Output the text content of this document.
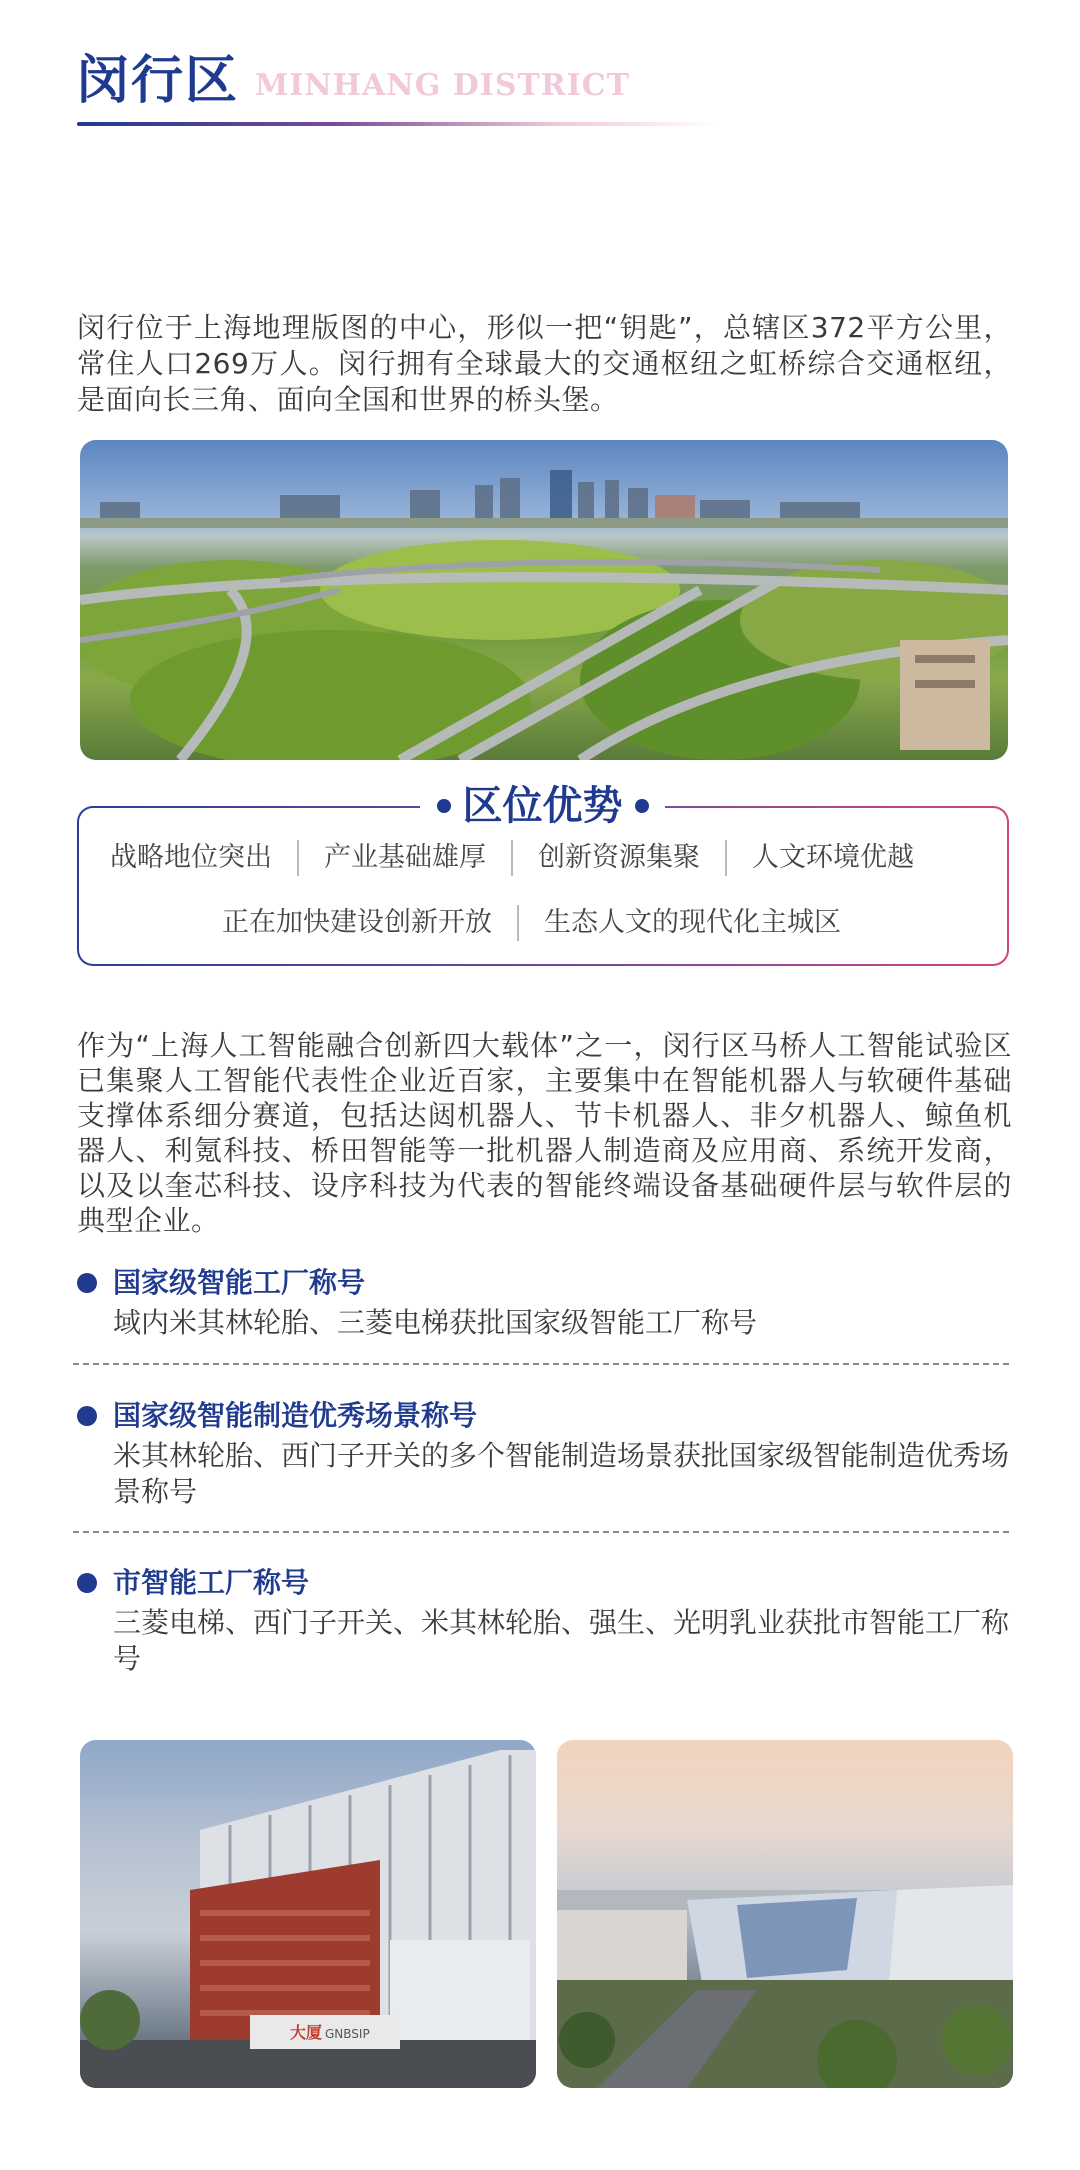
闵行区 MINHANG DISTRICT

闵行位于上海地理版图的中心，形似一把“钥匙”，总辖区372平方公里，常住人口269万人。闵行拥有全球最大的交通枢纽之虹桥综合交通枢纽，是面向长三角、面向全国和世界的桥头堡。

区位优势
战略地位突出 产业基础雄厚 创新资源集聚 人文环境优越
正在加快建设创新开放 生态人文的现代化主城区

作为“上海人工智能融合创新四大载体”之一，闵行区马桥人工智能试验区已集聚人工智能代表性企业近百家，主要集中在智能机器人与软硬件基础支撑体系细分赛道，包括达闼机器人、节卡机器人、非夕机器人、鲸鱼机器人、利氪科技、桥田智能等一批机器人制造商及应用商、系统开发商，以及以奎芯科技、设序科技为代表的智能终端设备基础硬件层与软件层的典型企业。

国家级智能工厂称号
域内米其林轮胎、三菱电梯获批国家级智能工厂称号
国家级智能制造优秀场景称号
米其林轮胎、西门子开关的多个智能制造场景获批国家级智能制造优秀场景称号
市智能工厂称号
三菱电梯、西门子开关、米其林轮胎、强生、光明乳业获批市智能工厂称号
大厦 GNBSIP
